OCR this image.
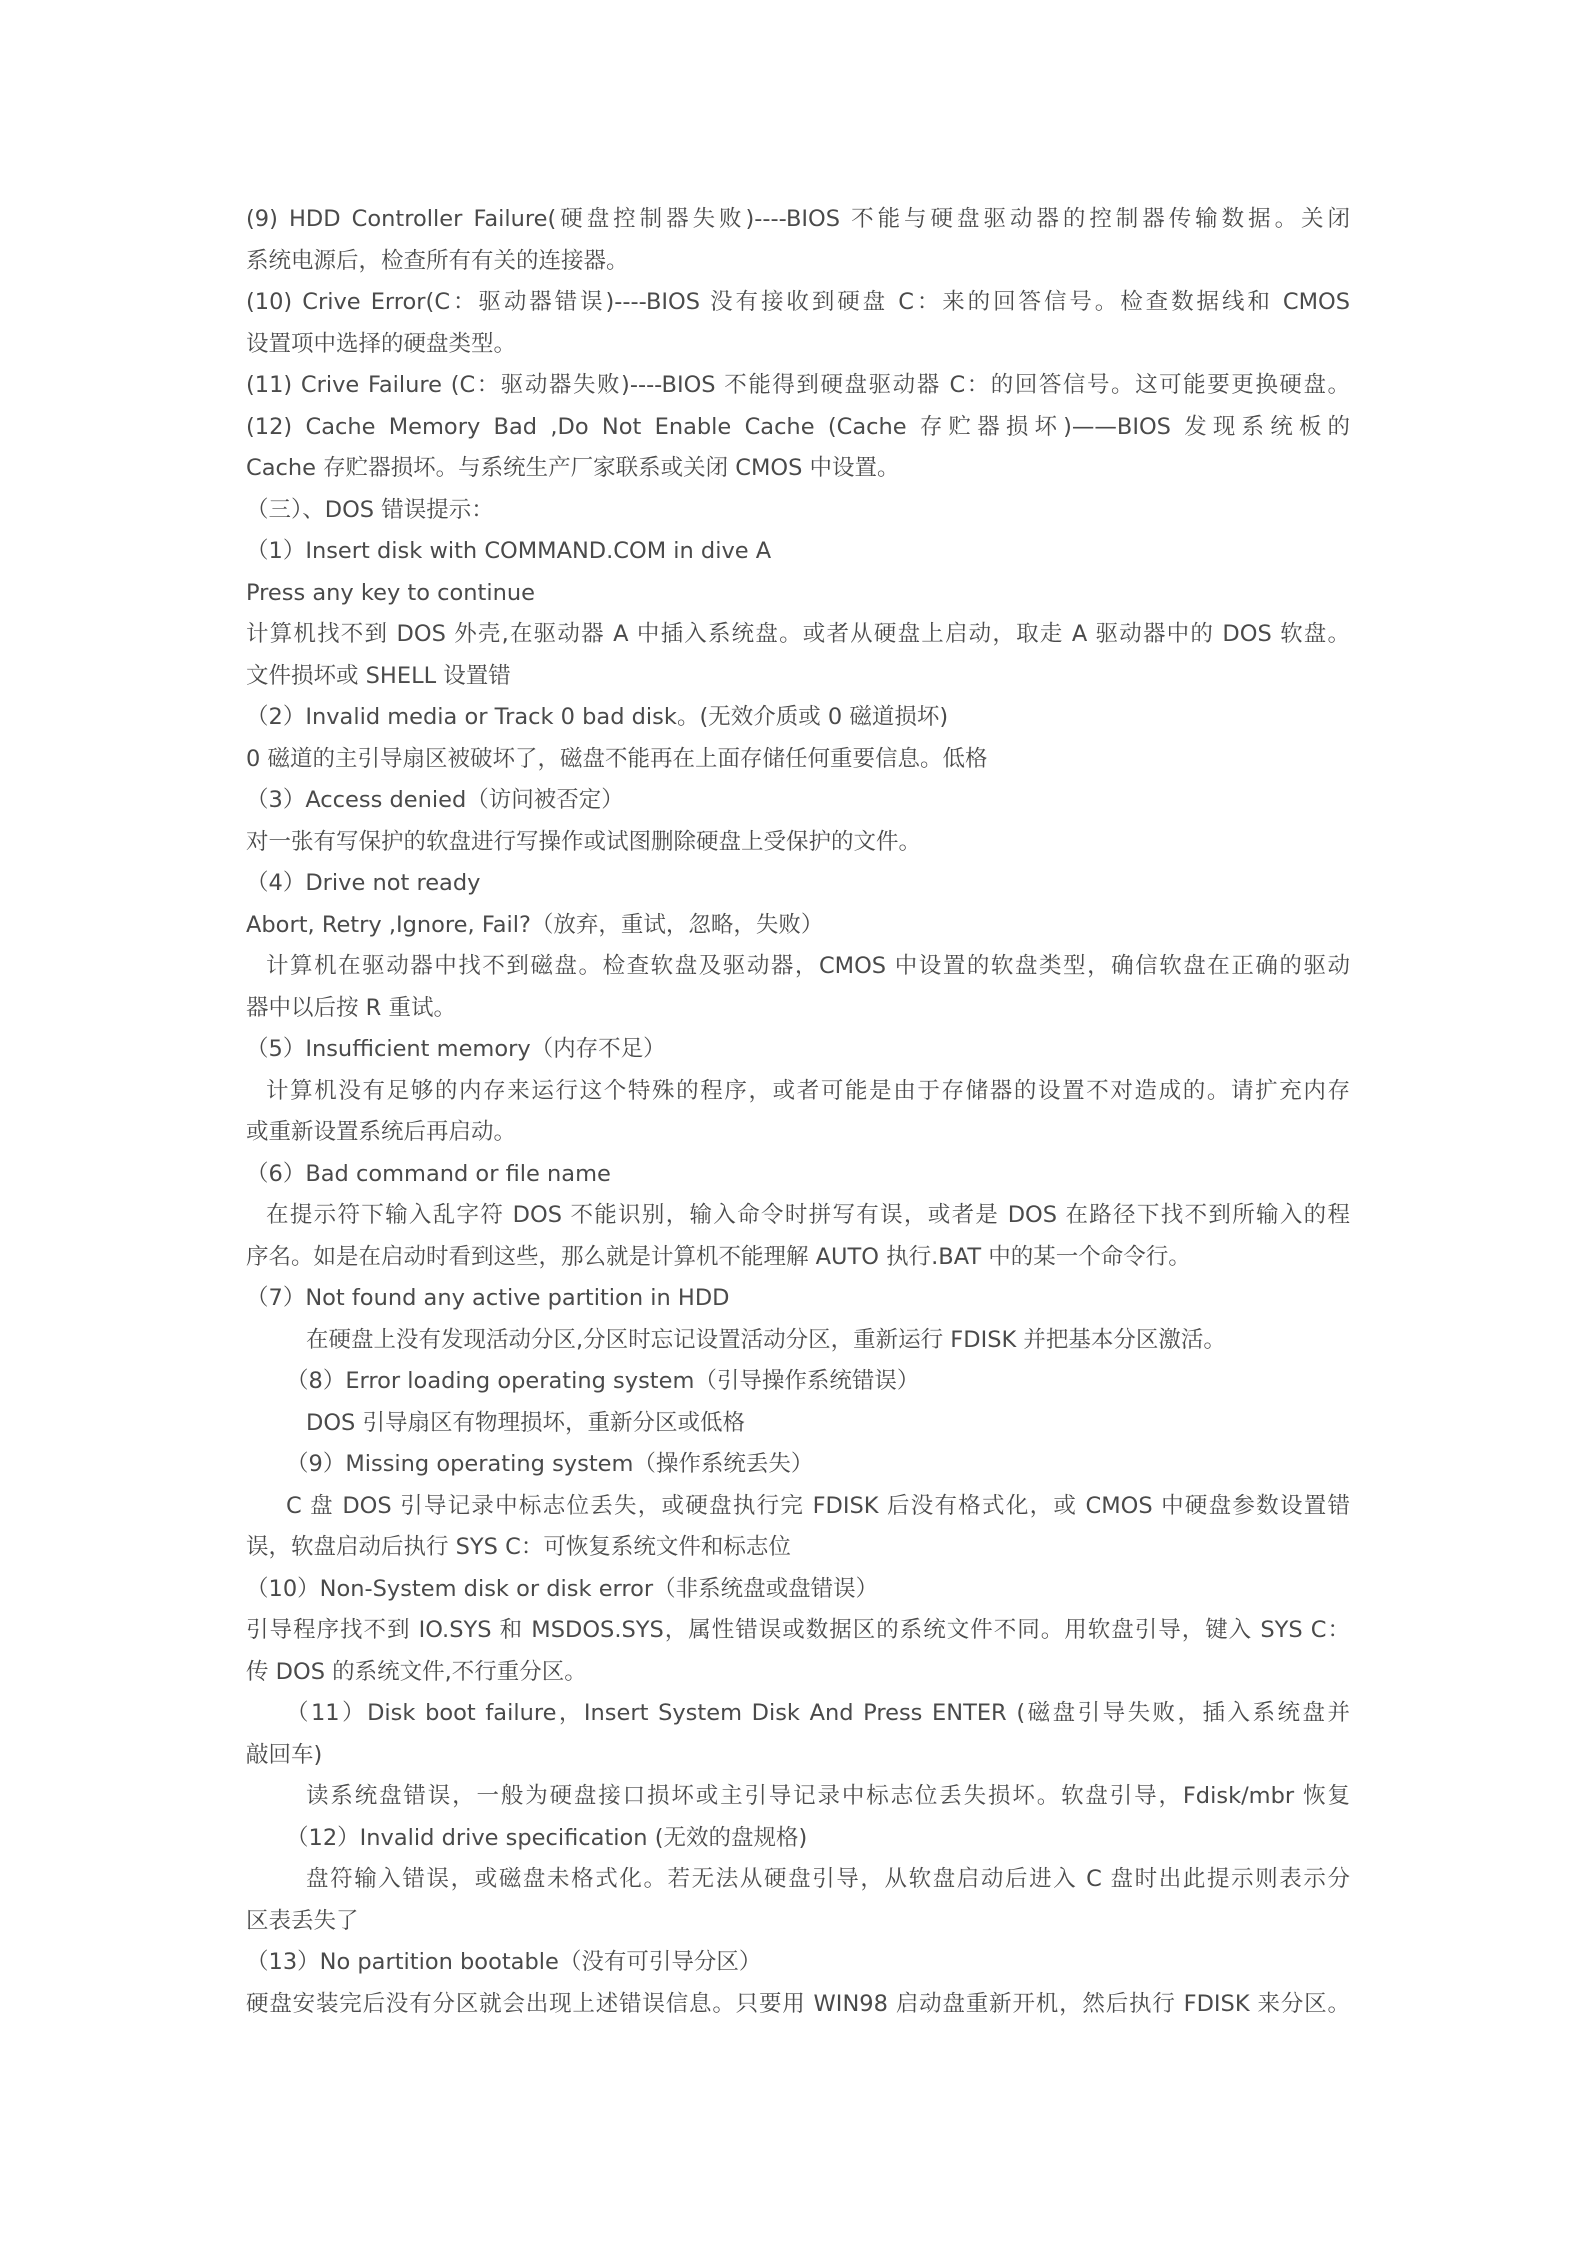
(9) HDD Controller Failure(硬盘控制器失败)----BIOS 不能与硬盘驱动器的控制器传输数据。关闭
系统电源后，检查所有有关的连接器。
(10) Crive Error(C：驱动器错误)----BIOS 没有接收到硬盘 C：来的回答信号。检查数据线和 CMOS
设置项中选择的硬盘类型。
(11) Crive Failure (C：驱动器失败)----BIOS 不能得到硬盘驱动器 C：的回答信号。这可能要更换硬盘。
(12) Cache Memory Bad ,Do Not Enable Cache (Cache 存贮器损坏)——BIOS 发现系统板的
Cache 存贮器损坏。与系统生产厂家联系或关闭 CMOS 中设置。
（三）、DOS 错误提示：
（1）Insert disk with COMMAND.COM in dive A
Press any key to continue
计算机找不到 DOS 外壳,在驱动器 A 中插入系统盘。或者从硬盘上启动，取走 A 驱动器中的 DOS 软盘。
文件损坏或 SHELL 设置错
（2）Invalid media or Track 0 bad disk。(无效介质或 0 磁道损坏)
0 磁道的主引导扇区被破坏了，磁盘不能再在上面存储任何重要信息。低格
（3）Access denied（访问被否定）
对一张有写保护的软盘进行写操作或试图删除硬盘上受保护的文件。
（4）Drive not ready
Abort, Retry ,Ignore, Fail?（放弃，重试，忽略，失败）
计算机在驱动器中找不到磁盘。检查软盘及驱动器，CMOS 中设置的软盘类型，确信软盘在正确的驱动
器中以后按 R 重试。
（5）Insufficient memory（内存不足）
计算机没有足够的内存来运行这个特殊的程序，或者可能是由于存储器的设置不对造成的。请扩充内存
或重新设置系统后再启动。
（6）Bad command or file name
在提示符下输入乱字符 DOS 不能识别，输入命令时拼写有误，或者是 DOS 在路径下找不到所输入的程
序名。如是在启动时看到这些，那么就是计算机不能理解 AUTO 执行.BAT 中的某一个命令行。
（7）Not found any active partition in HDD
在硬盘上没有发现活动分区,分区时忘记设置活动分区，重新运行 FDISK 并把基本分区激活。
（8）Error loading operating system（引导操作系统错误）
DOS 引导扇区有物理损坏，重新分区或低格
（9）Missing operating system（操作系统丢失）
C 盘 DOS 引导记录中标志位丢失，或硬盘执行完 FDISK 后没有格式化，或 CMOS 中硬盘参数设置错
误，软盘启动后执行 SYS C：可恢复系统文件和标志位
（10）Non-System disk or disk error（非系统盘或盘错误）
引导程序找不到 IO.SYS 和 MSDOS.SYS，属性错误或数据区的系统文件不同。用软盘引导，键入 SYS C：
传 DOS 的系统文件,不行重分区。
（11）Disk boot failure，Insert System Disk And Press ENTER (磁盘引导失败，插入系统盘并
敲回车)
读系统盘错误，一般为硬盘接口损坏或主引导记录中标志位丢失损坏。软盘引导，Fdisk/mbr 恢复
（12）Invalid drive specification (无效的盘规格)
盘符输入错误，或磁盘未格式化。若无法从硬盘引导，从软盘启动后进入 C 盘时出此提示则表示分
区表丢失了
（13）No partition bootable（没有可引导分区）
硬盘安装完后没有分区就会出现上述错误信息。只要用 WIN98 启动盘重新开机，然后执行 FDISK 来分区。
